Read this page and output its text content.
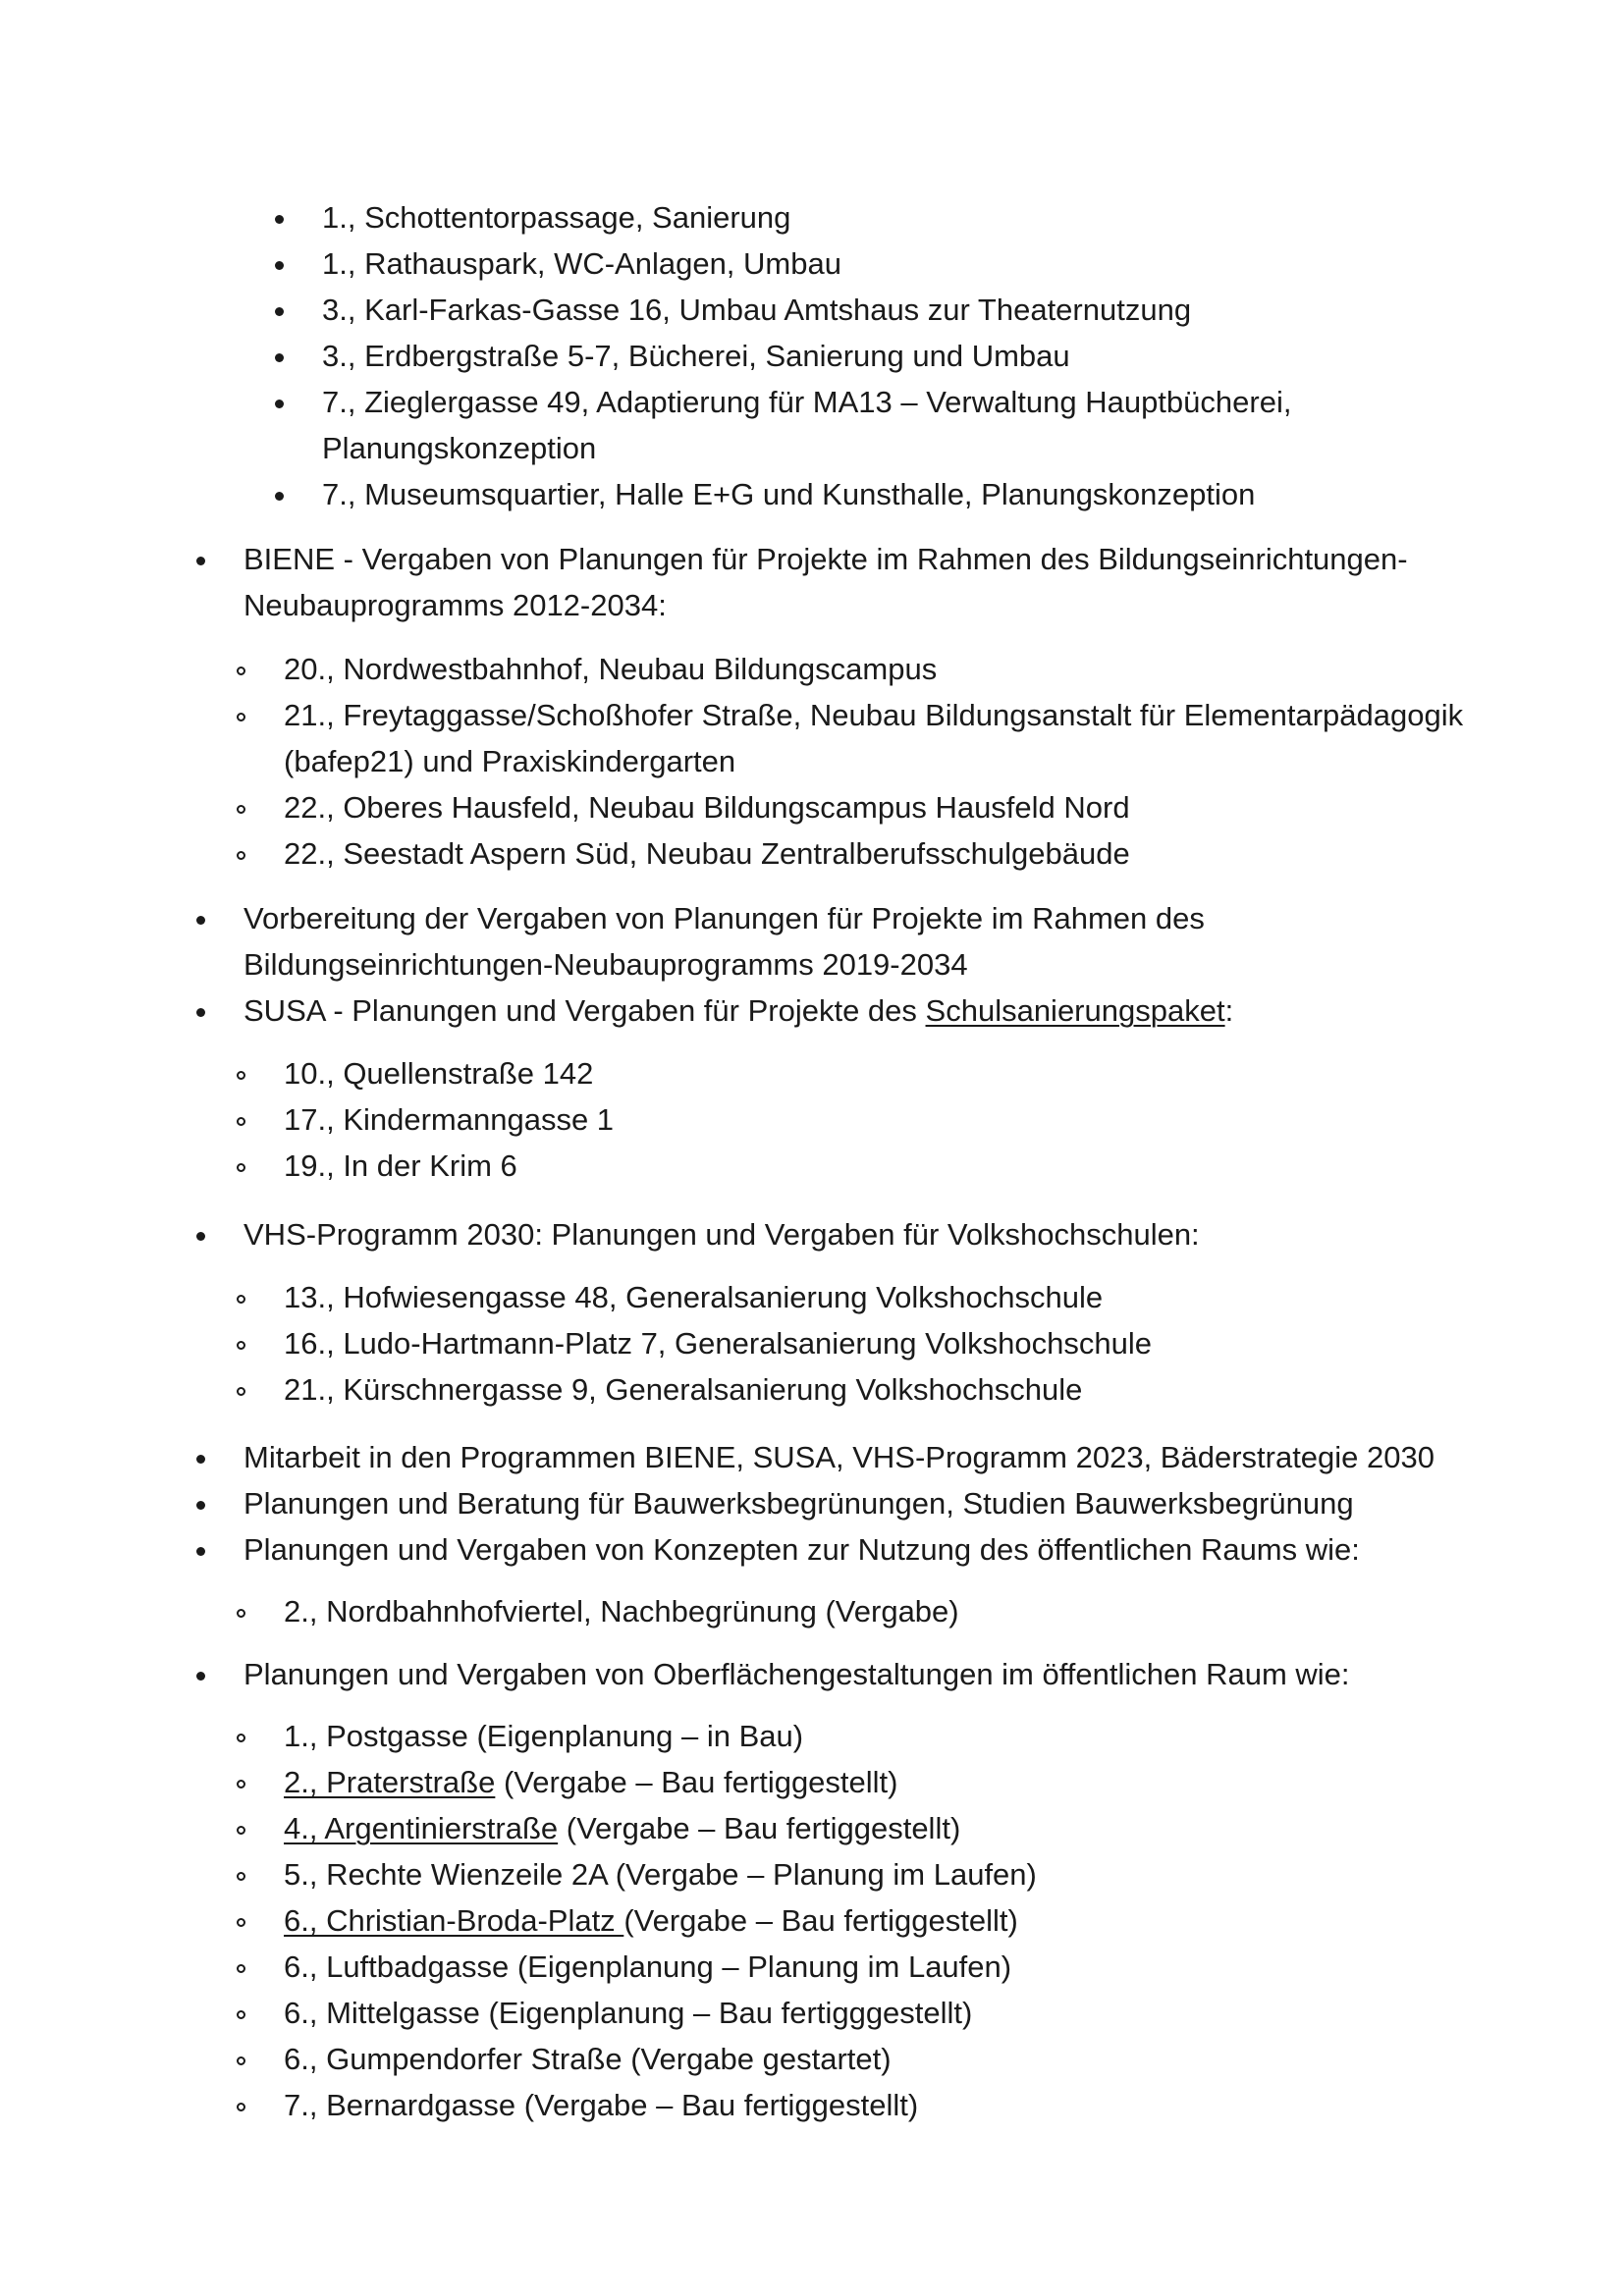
1., Schottentorpassage, Sanierung
1., Rathauspark, WC-Anlagen, Umbau
3., Karl-Farkas-Gasse 16, Umbau Amtshaus zur Theaternutzung
3., Erdbergstraße 5-7, Bücherei, Sanierung und Umbau
7., Zieglergasse 49, Adaptierung für MA13 – Verwaltung Hauptbücherei,
Planungskonzeption
7., Museumsquartier, Halle E+G und Kunsthalle, Planungskonzeption
BIENE - Vergaben von Planungen für Projekte im Rahmen des Bildungseinrichtungen-
Neubauprogramms 2012-2034:
20., Nordwestbahnhof, Neubau Bildungscampus
21., Freytaggasse/Schoßhofer Straße, Neubau Bildungsanstalt für Elementarpädagogik
(bafep21) und Praxiskindergarten
22., Oberes Hausfeld, Neubau Bildungscampus Hausfeld Nord
22., Seestadt Aspern Süd, Neubau Zentralberufsschulgebäude
Vorbereitung der Vergaben von Planungen für Projekte im Rahmen des
Bildungseinrichtungen-Neubauprogramms 2019-2034
SUSA - Planungen und Vergaben für Projekte des Schulsanierungspaket:
10., Quellenstraße 142
17., Kindermanngasse 1
19., In der Krim 6
VHS-Programm 2030: Planungen und Vergaben für Volkshochschulen:
13., Hofwiesengasse 48, Generalsanierung Volkshochschule
16., Ludo-Hartmann-Platz 7, Generalsanierung Volkshochschule
21., Kürschnergasse 9, Generalsanierung Volkshochschule
Mitarbeit in den Programmen BIENE, SUSA, VHS-Programm 2023, Bäderstrategie 2030
Planungen und Beratung für Bauwerksbegrünungen, Studien Bauwerksbegrünung
Planungen und Vergaben von Konzepten zur Nutzung des öffentlichen Raums wie:
2., Nordbahnhofviertel, Nachbegrünung (Vergabe)
Planungen und Vergaben von Oberflächengestaltungen im öffentlichen Raum wie:
1., Postgasse (Eigenplanung – in Bau)
2., Praterstraße (Vergabe – Bau fertiggestellt)
4., Argentinierstraße (Vergabe – Bau fertiggestellt)
5., Rechte Wienzeile 2A (Vergabe – Planung im Laufen)
6., Christian-Broda-Platz (Vergabe – Bau fertiggestellt)
6., Luftbadgasse (Eigenplanung – Planung im Laufen)
6., Mittelgasse (Eigenplanung – Bau fertigggestellt)
6., Gumpendorfer Straße (Vergabe gestartet)
7., Bernardgasse (Vergabe – Bau fertiggestellt)
